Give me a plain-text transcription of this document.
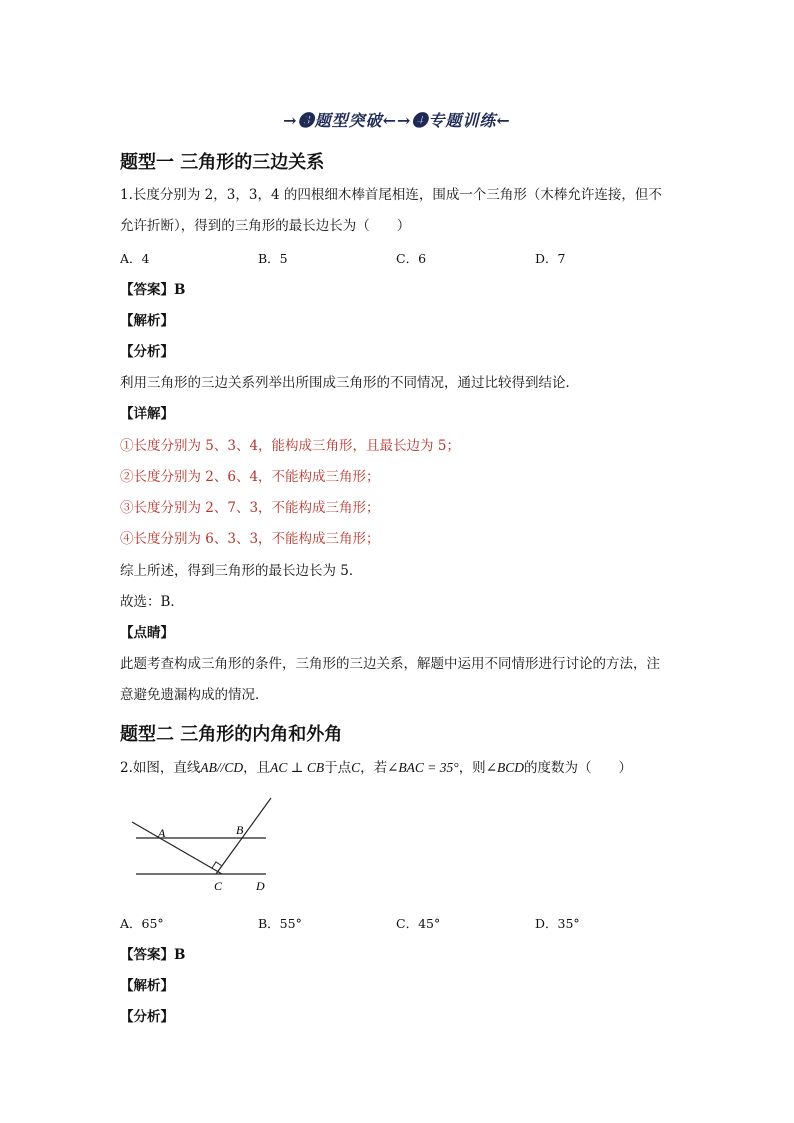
→❸题型突破←→❹专题训练←
题型一 三角形的三边关系
1.长度分别为 2，3，3，4 的四根细木棒首尾相连，围成一个三角形（木棒允许连接，但不
允许折断），得到的三角形的最长边长为（　　）
A．4	B．5	C．6	D．7
【答案】B
【解析】
【分析】
利用三角形的三边关系列举出所围成三角形的不同情况，通过比较得到结论．
【详解】
①长度分别为 5、3、4，能构成三角形，且最长边为 5；
②长度分别为 2、6、4，不能构成三角形；
③长度分别为 2、7、3，不能构成三角形；
④长度分别为 6、3、3，不能构成三角形；
综上所述，得到三角形的最长边长为 5．
故选：B．
【点睛】
此题考查构成三角形的条件，三角形的三边关系，解题中运用不同情形进行讨论的方法，注
意避免遗漏构成的情况．
题型二 三角形的内角和外角
2.如图，直线AB//CD，且AC ⊥ CB于点C，若∠BAC = 35°，则∠BCD的度数为（　　）
A	B
C	D
A．65°	B．55°	C．45°	D．35°
【答案】B
【解析】
【分析】
